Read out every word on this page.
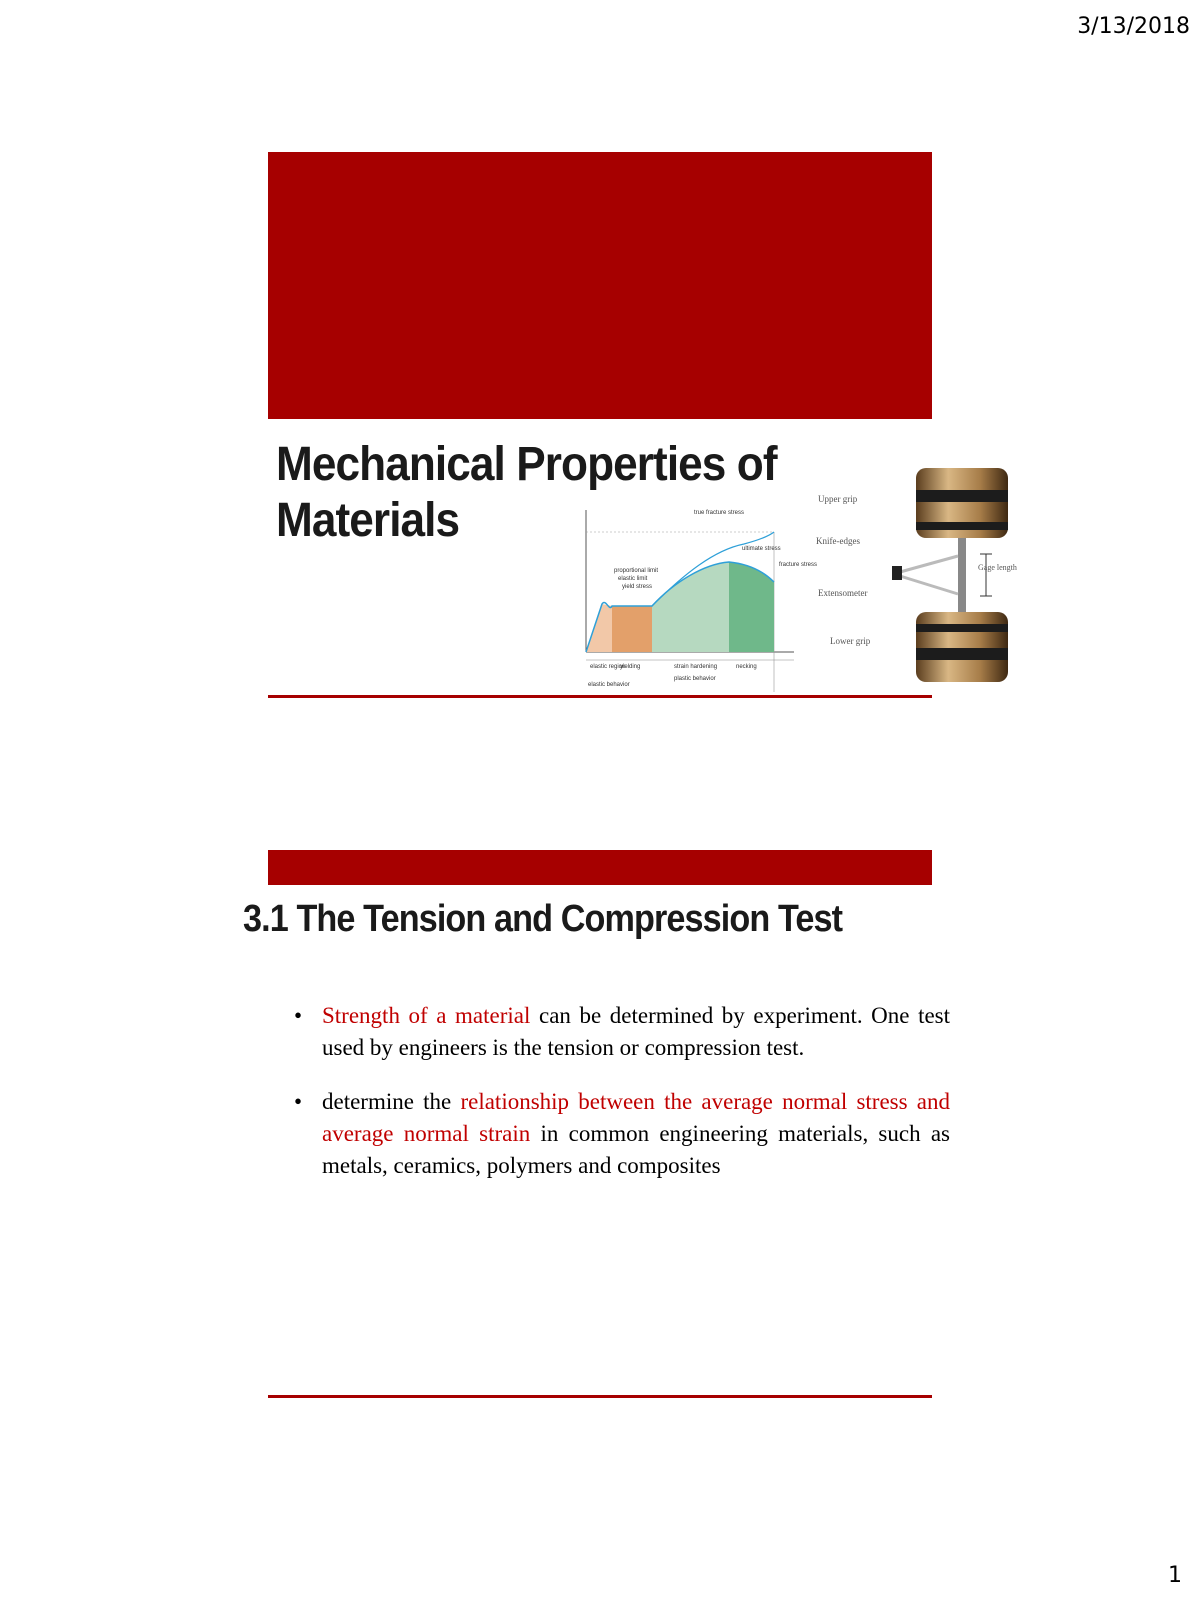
3/13/2018
Mechanical Properties of
Materials	true fracture stress
ultimate stress
fracture stress
proportional limit
elastic limit
yield stress
elastic region
yielding	strain hardening	necking
elastic behavior
plastic behavior
Upper grip
Knife-edges
Gage length
Extensometer
Lower grip
3.1 The Tension and Compression Test
• Strength of a material can be determined by experiment. One test used by engineers is the tension or compression test.
• determine the relationship between the average normal stress and average normal strain in common engineering materials, such as metals, ceramics, polymers and composites
1
